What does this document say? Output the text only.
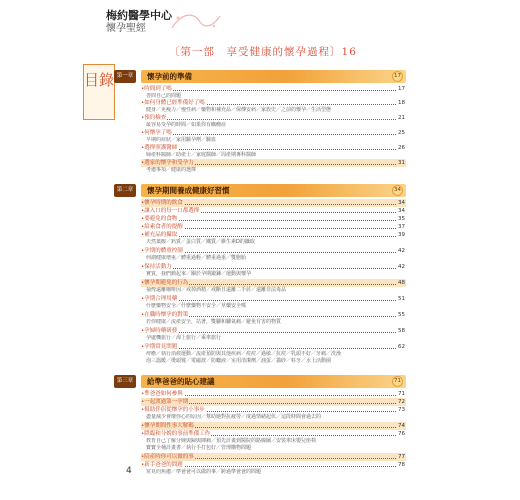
梅約醫學中心
懷孕聖經
〔第一部　享受健康的懷孕過程〕16
目錄 第一章	懷孕前的準備	17
• 時間到了嗎	17
善問自己的問題
• 如何身體已經準備好了嗎	18
健身／更瘦力／慢性病／藥物和補充品／保傳安病／家族史／之前的懷孕／生活型態
• 預約檢查	21
最容易受孕的時間／如果你有癲癇症
• 何懷孕了嗎	25
早期的症狀／家用驗孕劑／驗血
• 選擇照護醫師	26
婦產科醫師／助產士／家庭醫師／周產期專科醫師
• 選家的懷孕和受孕力	31
考慮事項／健康的選擇
第二章	懷孕期間養成健康好習慣	34
• 懷孕時期的飲食	34
• 讓入口的每一口都選擇	34
• 要避免的食物	35
• 給素食者的提醒	37
• 補充品的攝取	39
天然葉酸／鈣質／蛋白質／鐵質／維生素D的攝取
• 孕期的體重控制	42
何謂健康增重／體重過輕／體重過重／雙胞胎
• 保持活動力	42
實質，我們動起來／關於孕期鍛鍊／運動與懷孕
• 懷孕期避免的行為	48
抽煙遠離咖啡因／戒掉酒精／戒斷且遠離二手菸／遠離非法毒品
• 孕期合理用藥	51
什麼藥物安全／什麼藥物不安全／草藥安全嗎
• 在職時懷孕的對策	55
若你健康／流產安全，站著，雙腳和腳氣痛／避免有害的物質
• 孕婦時藥研發	58
孕處機旅行／海上旅行／乘車旅行
• 孕期常見問題	62
痔瘡／執行消痕運動／流產預防與其他疾病／痘痘／過敏／抗痘／乳頭不好／牙痛／洗澡
泡三溫暖／燙頭髮／電磁波／防曬液／室用清潔劑／滷蛋／貓砂／蛀牙／水上活動園
第三章	給準爸爸的貼心建議	71
• 準爸爸如何參與	71
• 一起渡過第一孕期	72
• 幫助伴侶從懷孕的小事步	73
盡量減少會壞你心的原因／幫助她對抗疲勞／度過情緒起伏／這段時間會過去的
• 懷孕期間性事大解碼	74
• 降臨和分娩的事前準備工作	76
教育自己了解分娩與歸與陣痛／預先計畫到醫院的路線圖／安裝車床嬰兒座椅
寶寶全桶計畫書／執行手打包好／管理購物問題
• 陪產時你可以做的事	77
• 新手爸爸的問題	78
常見的焦慮／準爸爸可以做的事／跨過準爸爸的問題
4
